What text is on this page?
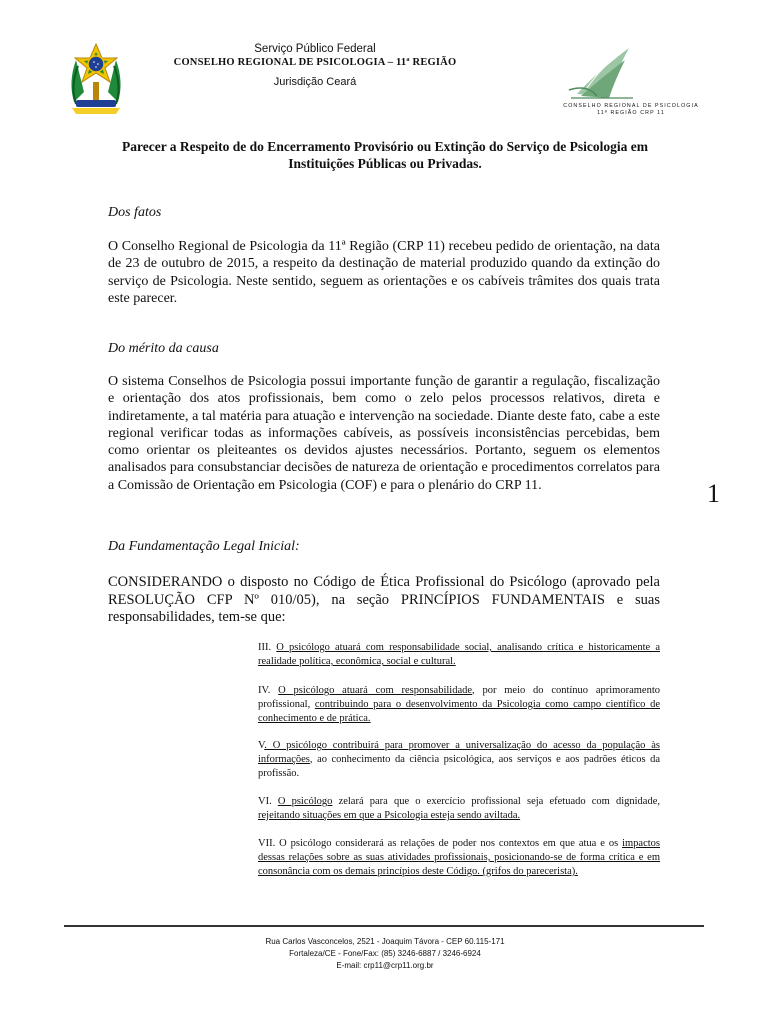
Serviço Público Federal
CONSELHO REGIONAL DE PSICOLOGIA – 11ª REGIÃO
Jurisdição Ceará
CONSELHO REGIONAL DE PSICOLOGIA
11ª REGIÃO CRP 11
Parecer a Respeito de do Encerramento Provisório ou Extinção do Serviço de Psicologia em Instituições Públicas ou Privadas.
Dos fatos
O Conselho Regional de Psicologia da 11ª Região (CRP 11) recebeu pedido de orientação, na data de 23 de outubro de 2015, a respeito da destinação de material produzido quando da extinção do serviço de Psicologia. Neste sentido, seguem as orientações e os cabíveis trâmites dos quais trata este parecer.
Do mérito da causa
O sistema Conselhos de Psicologia possui importante função de garantir a regulação, fiscalização e orientação dos atos profissionais, bem como o zelo pelos processos relativos, direta e indiretamente, a tal matéria para atuação e intervenção na sociedade. Diante deste fato, cabe a este regional verificar todas as informações cabíveis, as possíveis inconsistências percebidas, bem como orientar os pleiteantes os devidos ajustes necessários. Portanto, seguem os elementos analisados para consubstanciar decisões de natureza de orientação e procedimentos correlatos para a Comissão de Orientação em Psicologia (COF) e para o plenário do CRP 11.	1
Da Fundamentação Legal Inicial:
CONSIDERANDO o disposto no Código de Ética Profissional do Psicólogo (aprovado pela RESOLUÇÃO CFP Nº 010/05), na seção PRINCÍPIOS FUNDAMENTAIS e suas responsabilidades, tem-se que:
III. O psicólogo atuará com responsabilidade social, analisando crítica e historicamente a realidade política, econômica, social e cultural.
IV. O psicólogo atuará com responsabilidade, por meio do contínuo aprimoramento profissional, contribuindo para o desenvolvimento da Psicologia como campo científico de conhecimento e de prática.
V. O psicólogo contribuirá para promover a universalização do acesso da população às informações, ao conhecimento da ciência psicológica, aos serviços e aos padrões éticos da profissão.
VI. O psicólogo zelará para que o exercício profissional seja efetuado com dignidade, rejeitando situações em que a Psicologia esteja sendo aviltada.
VII. O psicólogo considerará as relações de poder nos contextos em que atua e os impactos dessas relações sobre as suas atividades profissionais, posicionando-se de forma crítica e em consonância com os demais princípios deste Código. (grifos do parecerista).
Rua Carlos Vasconcelos, 2521 - Joaquim Távora - CEP 60.115-171
Fortaleza/CE - Fone/Fax: (85) 3246-6887 / 3246-6924
E-mail: crp11@crp11.org.br
